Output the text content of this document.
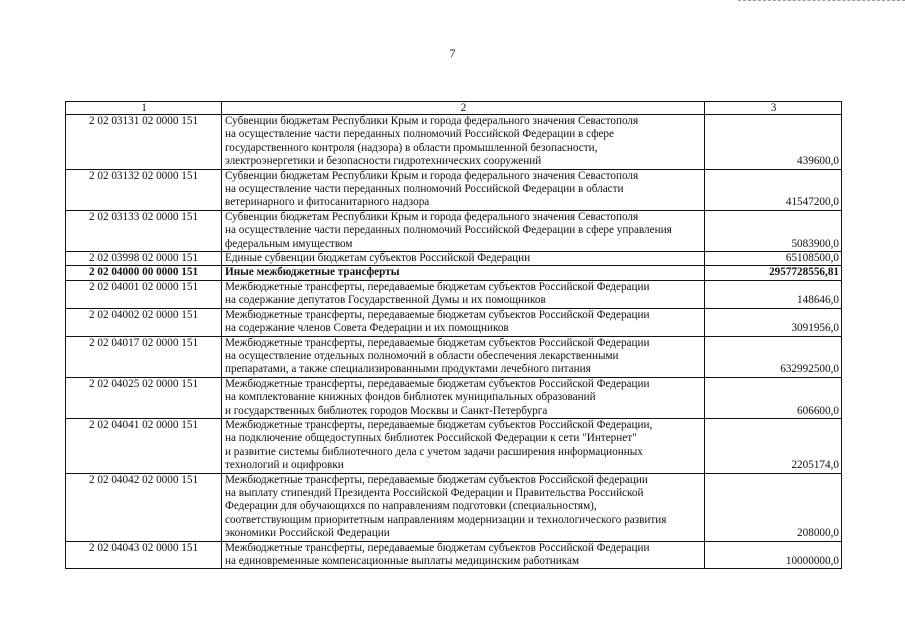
7
1	2	3
2 02 03131 02 0000 151	Субвенции бюджетам Республики Крым и города федерального значения Севастополя
на осуществление части переданных полномочий Российской Федерации в сфере
государственного контроля (надзора) в области промышленной безопасности,
электроэнергетики и безопасности гидротехнических сооружений	439600,0
2 02 03132 02 0000 151	Субвенции бюджетам Республики Крым и города федерального значения Севастополя
на осуществление части переданных полномочий Российской Федерации в области
ветеринарного и фитосанитарного надзора	41547200,0
2 02 03133 02 0000 151	Субвенции бюджетам Республики Крым и города федерального значения Севастополя
на осуществление части переданных полномочий Российской Федерации в сфере управления
федеральным имуществом	5083900,0
2 02 03998 02 0000 151	Единые субвенции бюджетам субъектов Российской Федерации	65108500,0
2 02 04000 00 0000 151	Иные межбюджетные трансферты	2957728556,81
2 02 04001 02 0000 151	Межбюджетные трансферты, передаваемые бюджетам субъектов Российской Федерации
на содержание депутатов Государственной Думы и их помощников	148646,0
2 02 04002 02 0000 151	Межбюджетные трансферты, передаваемые бюджетам субъектов Российской Федерации
на содержание членов Совета Федерации и их помощников	3091956,0
2 02 04017 02 0000 151	Межбюджетные трансферты, передаваемые бюджетам субъектов Российской Федерации
на осуществление отдельных полномочий в области обеспечения лекарственными
препаратами, а также специализированными продуктами лечебного питания	632992500,0
2 02 04025 02 0000 151	Межбюджетные трансферты, передаваемые бюджетам субъектов Российской Федерации
на комплектование книжных фондов библиотек муниципальных образований
и государственных библиотек городов Москвы и Санкт-Петербурга	606600,0
2 02 04041 02 0000 151	Межбюджетные трансферты, передаваемые бюджетам субъектов Российской Федерации,
на подключение общедоступных библиотек Российской Федерации к сети "Интернет"
и развитие системы библиотечного дела с учетом задачи расширения информационных
технологий и оцифровки	2205174,0
2 02 04042 02 0000 151	Межбюджетные трансферты, передаваемые бюджетам субъектов Российской федерации
на выплату стипендий Президента Российской Федерации и Правительства Российской
Федерации для обучающихся по направлениям подготовки (специальностям),
соответствующим приоритетным направлениям модернизации и технологического развития
экономики Российской Федерации	208000,0
2 02 04043 02 0000 151	Межбюджетные трансферты, передаваемые бюджетам субъектов Российской Федерации
на единовременные компенсационные выплаты медицинским работникам	10000000,0
